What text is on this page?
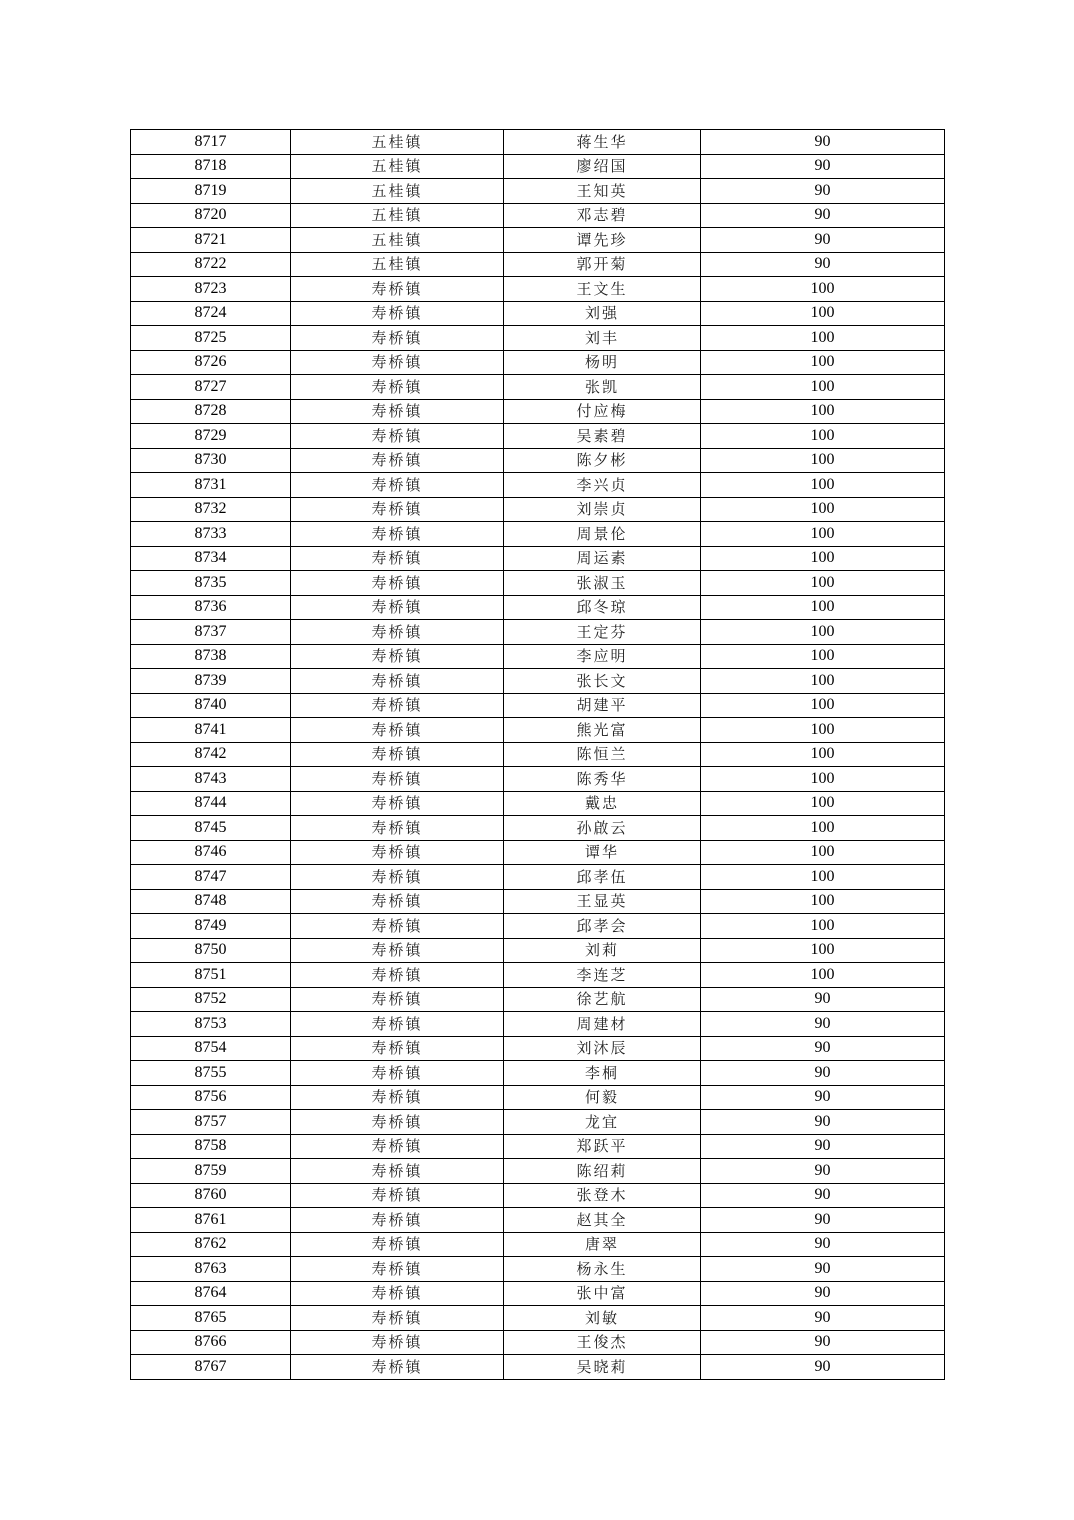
8717	五桂镇	蒋生华	90
8718	五桂镇	廖绍国	90
8719	五桂镇	王知英	90
8720	五桂镇	邓志碧	90
8721	五桂镇	谭先珍	90
8722	五桂镇	郭开菊	90
8723	寿桥镇	王文生	100
8724	寿桥镇	刘强	100
8725	寿桥镇	刘丰	100
8726	寿桥镇	杨明	100
8727	寿桥镇	张凯	100
8728	寿桥镇	付应梅	100
8729	寿桥镇	吴素碧	100
8730	寿桥镇	陈夕彬	100
8731	寿桥镇	李兴贞	100
8732	寿桥镇	刘崇贞	100
8733	寿桥镇	周景伦	100
8734	寿桥镇	周运素	100
8735	寿桥镇	张淑玉	100
8736	寿桥镇	邱冬琼	100
8737	寿桥镇	王定芬	100
8738	寿桥镇	李应明	100
8739	寿桥镇	张长文	100
8740	寿桥镇	胡建平	100
8741	寿桥镇	熊光富	100
8742	寿桥镇	陈恒兰	100
8743	寿桥镇	陈秀华	100
8744	寿桥镇	戴忠	100
8745	寿桥镇	孙啟云	100
8746	寿桥镇	谭华	100
8747	寿桥镇	邱孝伍	100
8748	寿桥镇	王显英	100
8749	寿桥镇	邱孝会	100
8750	寿桥镇	刘莉	100
8751	寿桥镇	李连芝	100
8752	寿桥镇	徐艺航	90
8753	寿桥镇	周建材	90
8754	寿桥镇	刘沐辰	90
8755	寿桥镇	李桐	90
8756	寿桥镇	何毅	90
8757	寿桥镇	龙宜	90
8758	寿桥镇	郑跃平	90
8759	寿桥镇	陈绍莉	90
8760	寿桥镇	张登木	90
8761	寿桥镇	赵其全	90
8762	寿桥镇	唐翠	90
8763	寿桥镇	杨永生	90
8764	寿桥镇	张中富	90
8765	寿桥镇	刘敏	90
8766	寿桥镇	王俊杰	90
8767	寿桥镇	吴晓莉	90
